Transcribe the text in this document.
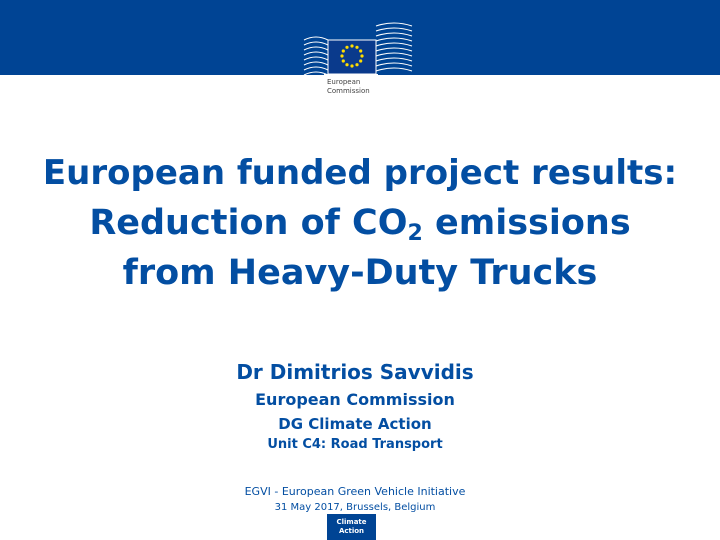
European
Commission
European funded project results:
Reduction of $CO_2$ emissions
from Heavy-Duty Trucks
Dr Dimitrios Savvidis
European Commission
DG Climate Action
Unit C4: Road Transport
EGVI - European Green Vehicle Initiative
31 May 2017, Brussels, Belgium
Climate
Action
